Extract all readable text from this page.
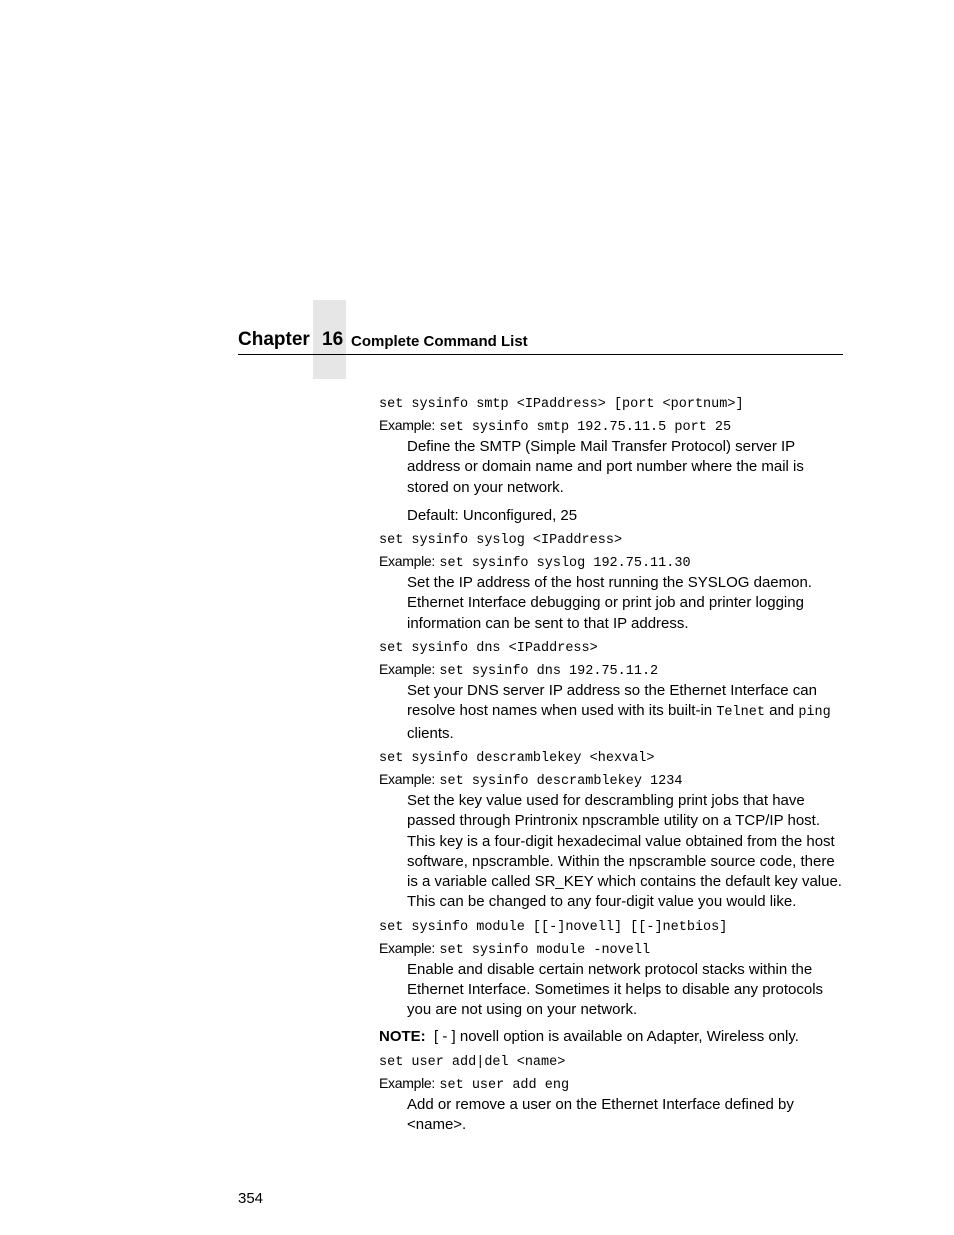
Chapter 16 Complete Command List
set sysinfo smtp <IPaddress> [port <portnum>]
Example: set sysinfo smtp 192.75.11.5 port 25

Define the SMTP (Simple Mail Transfer Protocol) server IP address or domain name and port number where the mail is stored on your network.

Default: Unconfigured, 25

set sysinfo syslog <IPaddress>
Example: set sysinfo syslog 192.75.11.30

Set the IP address of the host running the SYSLOG daemon. Ethernet Interface debugging or print job and printer logging information can be sent to that IP address.

set sysinfo dns <IPaddress>
Example: set sysinfo dns 192.75.11.2

Set your DNS server IP address so the Ethernet Interface can resolve host names when used with its built-in Telnet and ping clients.

set sysinfo descramblekey <hexval>
Example: set sysinfo descramblekey 1234

Set the key value used for descrambling print jobs that have passed through Printronix npscramble utility on a TCP/IP host. This key is a four-digit hexadecimal value obtained from the host software, npscramble. Within the npscramble source code, there is a variable called SR_KEY which contains the default key value. This can be changed to any four-digit value you would like.

set sysinfo module [[-]novell] [[-]netbios]
Example: set sysinfo module -novell

Enable and disable certain network protocol stacks within the Ethernet Interface. Sometimes it helps to disable any protocols you are not using on your network.

NOTE: [ - ] novell option is available on Adapter, Wireless only.
set user add|del <name>
Example: set user add eng

Add or remove a user on the Ethernet Interface defined by <name>.

354
